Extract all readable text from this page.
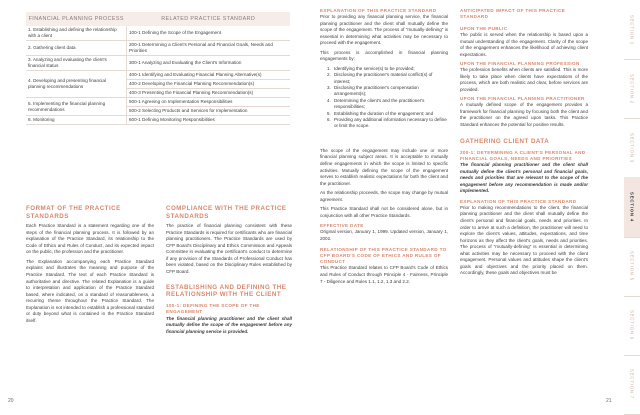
FINANCIAL PLANNING PROCESS	RELATED PRACTICE STANDARD
1. Establishing and defining the relationship with a client	100-1 Defining the Scope of the Engagement
2. Gathering client data	200-1 Determining a Client's Personal and Financial Goals, Needs and Priorities
3. Analyzing and evaluating the client's financial status	300-1 Analyzing and Evaluating the Client's Information
4. Developing and presenting financial planning recommendations	400-1 Identifying and Evaluating Financial Planning Alternative(s)
	400-2 Developing the Financial Planning Recommendation(s)
	400-3 Presenting the Financial Planning Recommendation(s)
5. Implementing the financial planning recommendations	500-1 Agreeing on Implementation Responsibilities
	500-2 Selecting Products and Services for Implementation
6. Monitoring	600-1 Defining Monitoring Responsibilities
FORMAT OF THE PRACTICE STANDARDS

Each Practice Standard is a statement regarding one of the steps of the financial planning process. It is followed by an explanation of the Practice Standard, its relationship to the Code of Ethics and Rules of Conduct, and its expected impact on the public, the profession and the practitioner.

The Explanation accompanying each Practice Standard explains and illustrates the meaning and purpose of the Practice Standard. The text of each Practice Standard is authoritative and directive. The related Explanation is a guide to interpretation and application of the Practice Standard based, where indicated, on a standard of reasonableness, a recurring theme throughout the Practice Standard. The Explanation is not intended to establish a professional standard or duty beyond what is contained in the Practice Standard itself.

20
COMPLIANCE WITH THE PRACTICE STANDARDS
The practice of financial planning consistent with these Practice Standards is required for certificants who are financial planning practitioners. The Practice Standards are used by CFP Board's Disciplinary and Ethics Commission and Appeals Committee in evaluating the certificant's conduct to determine if any provision of the Standards of Professional Conduct has been violated, based on the Disciplinary Rules established by CFP Board.
ESTABLISHING AND DEFINING THE RELATIONSHIP WITH THE CLIENT
100-1: DEFINING THE SCOPE OF THE ENGAGEMENT
The financial planning practitioner and the client shall mutually define the scope of the engagement before any financial planning service is provided.
EXPLANATION OF THIS PRACTICE STANDARD

Prior to providing any financial planning service, the financial planning practitioner and the client shall mutually define the scope of the engagement. The process of "mutually-defining" is essential in determining what activities may be necessary to proceed with the engagement.

This process is accomplished in financial planning engagements by:

1. Identifying the service(s) to be provided;
2. Disclosing the practitioner's material conflict(s) of interest;
3. Disclosing the practitioner's compensation arrangement(s);
4. Determining the client's and the practitioner's responsibilities;
5. Establishing the duration of the engagement; and
6. Providing any additional information necessary to define or limit the scope.

The scope of the engagement may include one or more financial planning subject areas. It is acceptable to mutually define engagements in which the scope is limited to specific activities. Mutually defining the scope of the engagement serves to establish realistic expectations for both the client and the practitioner.

As the relationship proceeds, the scope may change by mutual agreement.

This Practice Standard shall not be considered alone, but in conjunction with all other Practice Standards.

EFFECTIVE DATE
Original version, January 1, 1999. Updated version, January 1, 2002.
RELATIONSHIP OF THIS PRACTICE STANDARD TO CFP BOARD'S CODE OF ETHICS AND RULES OF CONDUCT
This Practice Standard relates to CFP Board's Code of Ethics and Rules of Conduct through Principle 4 - Fairness, Principle 7 - Diligence and Rules 1.1, 1.2, 1.3 and 2.2.
ANTICIPATED IMPACT OF THIS PRACTICE STANDARD
UPON THE PUBLIC
The public is served when the relationship is based upon a mutual understanding of the engagement. Clarity of the scope of the engagement enhances the likelihood of achieving client expectations.
UPON THE FINANCIAL PLANNING PROFESSION
The profession benefits when clients are satisfied. This is more likely to take place when clients have expectations of the process, which are both realistic and clear, before services are provided.
UPON THE FINANCIAL PLANNING PRACTITIONER
A mutually defined scope of the engagement provides a framework for financial planning by focusing both the client and the practitioner on the agreed upon tasks. This Practice Standard enhances the potential for positive results.
GATHERING CLIENT DATA
200-1: DETERMINING A CLIENT'S PERSONAL AND FINANCIAL GOALS, NEEDS AND PRIORITIES
The financial planning practitioner and the client shall mutually define the client's personal and financial goals, needs and priorities that are relevant to the scope of the engagement before any recommendation is made and/or implemented.
EXPLANATION OF THIS PRACTICE STANDARD
Prior to making recommendations to the client, the financial planning practitioner and the client shall mutually define the client's personal and financial goals, needs and priorities. In order to arrive at such a definition, the practitioner will need to explore the client's values, attitudes, expectations, and time horizons as they affect the client's goals, needs and priorities. The process of "mutually-defining" is essential in determining what activities may be necessary to proceed with the client engagement. Personal values and attitudes shape the client's goals and objectives and the priority placed on them. Accordingly, these goals and objectives must be
21
SECTION 1
SECTION 2
SECTION 3
SECTION 4
SECTION 5
SECTION 6
SECTION 7
